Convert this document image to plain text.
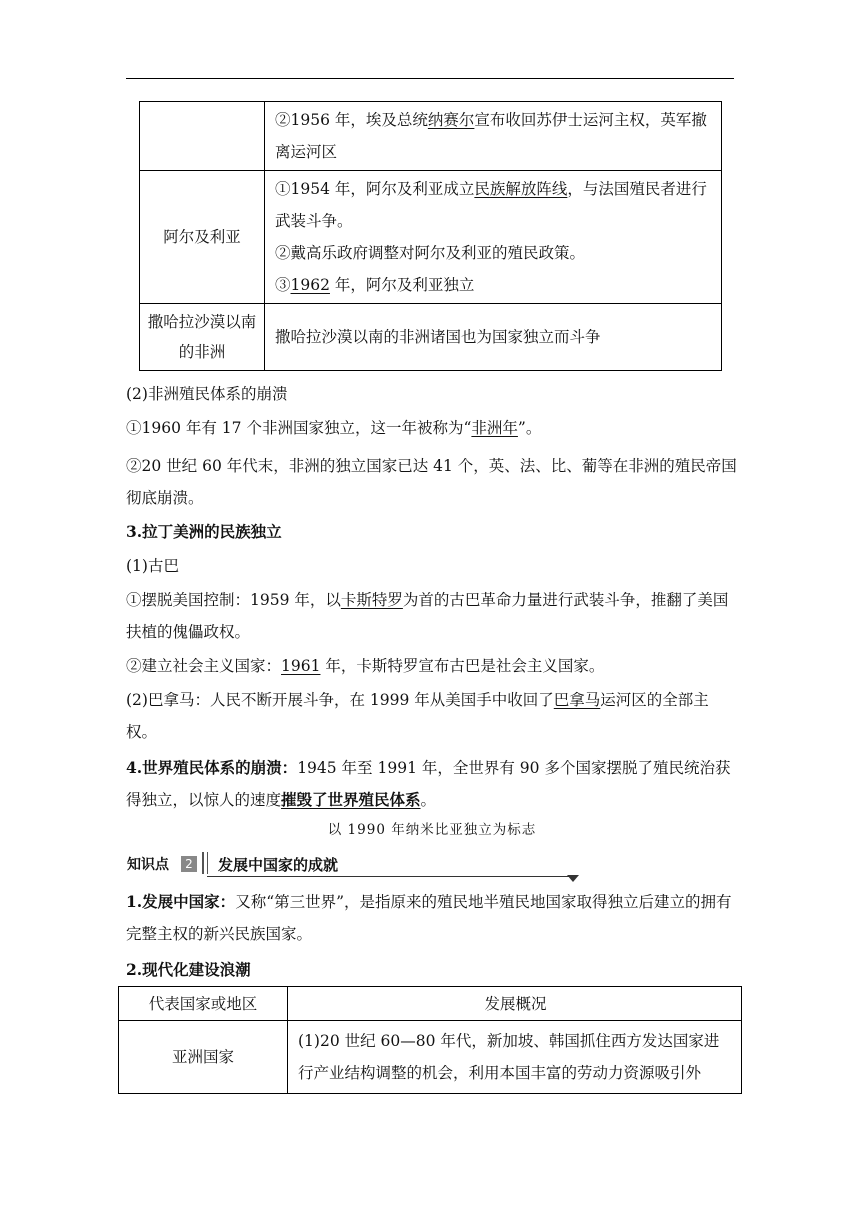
	②1956 年，埃及总统纳赛尔宣布收回苏伊士运河主权，英军撤离运河区
阿尔及利亚	①1954 年，阿尔及利亚成立民族解放阵线，与法国殖民者进行武装斗争。
②戴高乐政府调整对阿尔及利亚的殖民政策。
③1962 年，阿尔及利亚独立

撒哈拉沙漠以南的非洲	撒哈拉沙漠以南的非洲诸国也为国家独立而斗争
(2)非洲殖民体系的崩溃
①1960 年有 17 个非洲国家独立，这一年被称为“非洲年”。
②20 世纪 60 年代末，非洲的独立国家已达 41 个，英、法、比、葡等在非洲的殖民帝国彻底崩溃。
3.拉丁美洲的民族独立
(1)古巴
①摆脱美国控制：1959 年，以卡斯特罗为首的古巴革命力量进行武装斗争，推翻了美国扶植的傀儡政权。
②建立社会主义国家：1961 年，卡斯特罗宣布古巴是社会主义国家。
(2)巴拿马：人民不断开展斗争，在 1999 年从美国手中收回了巴拿马运河区的全部主权。
4.世界殖民体系的崩溃：1945 年至 1991 年，全世界有 90 多个国家摆脱了殖民统治获得独立，以惊人的速度摧毁了世界殖民体系。
以 1990 年纳米比亚独立为标志
知识点	2 发展中国家的成就
1.发展中国家：又称“第三世界”，是指原来的殖民地半殖民地国家取得独立后建立的拥有完整主权的新兴民族国家。
2.现代化建设浪潮
代表国家或地区	发展概况
亚洲国家	(1)20 世纪 60—80 年代，新加坡、韩国抓住西方发达国家进行产业结构调整的机会，利用本国丰富的劳动力资源吸引外
